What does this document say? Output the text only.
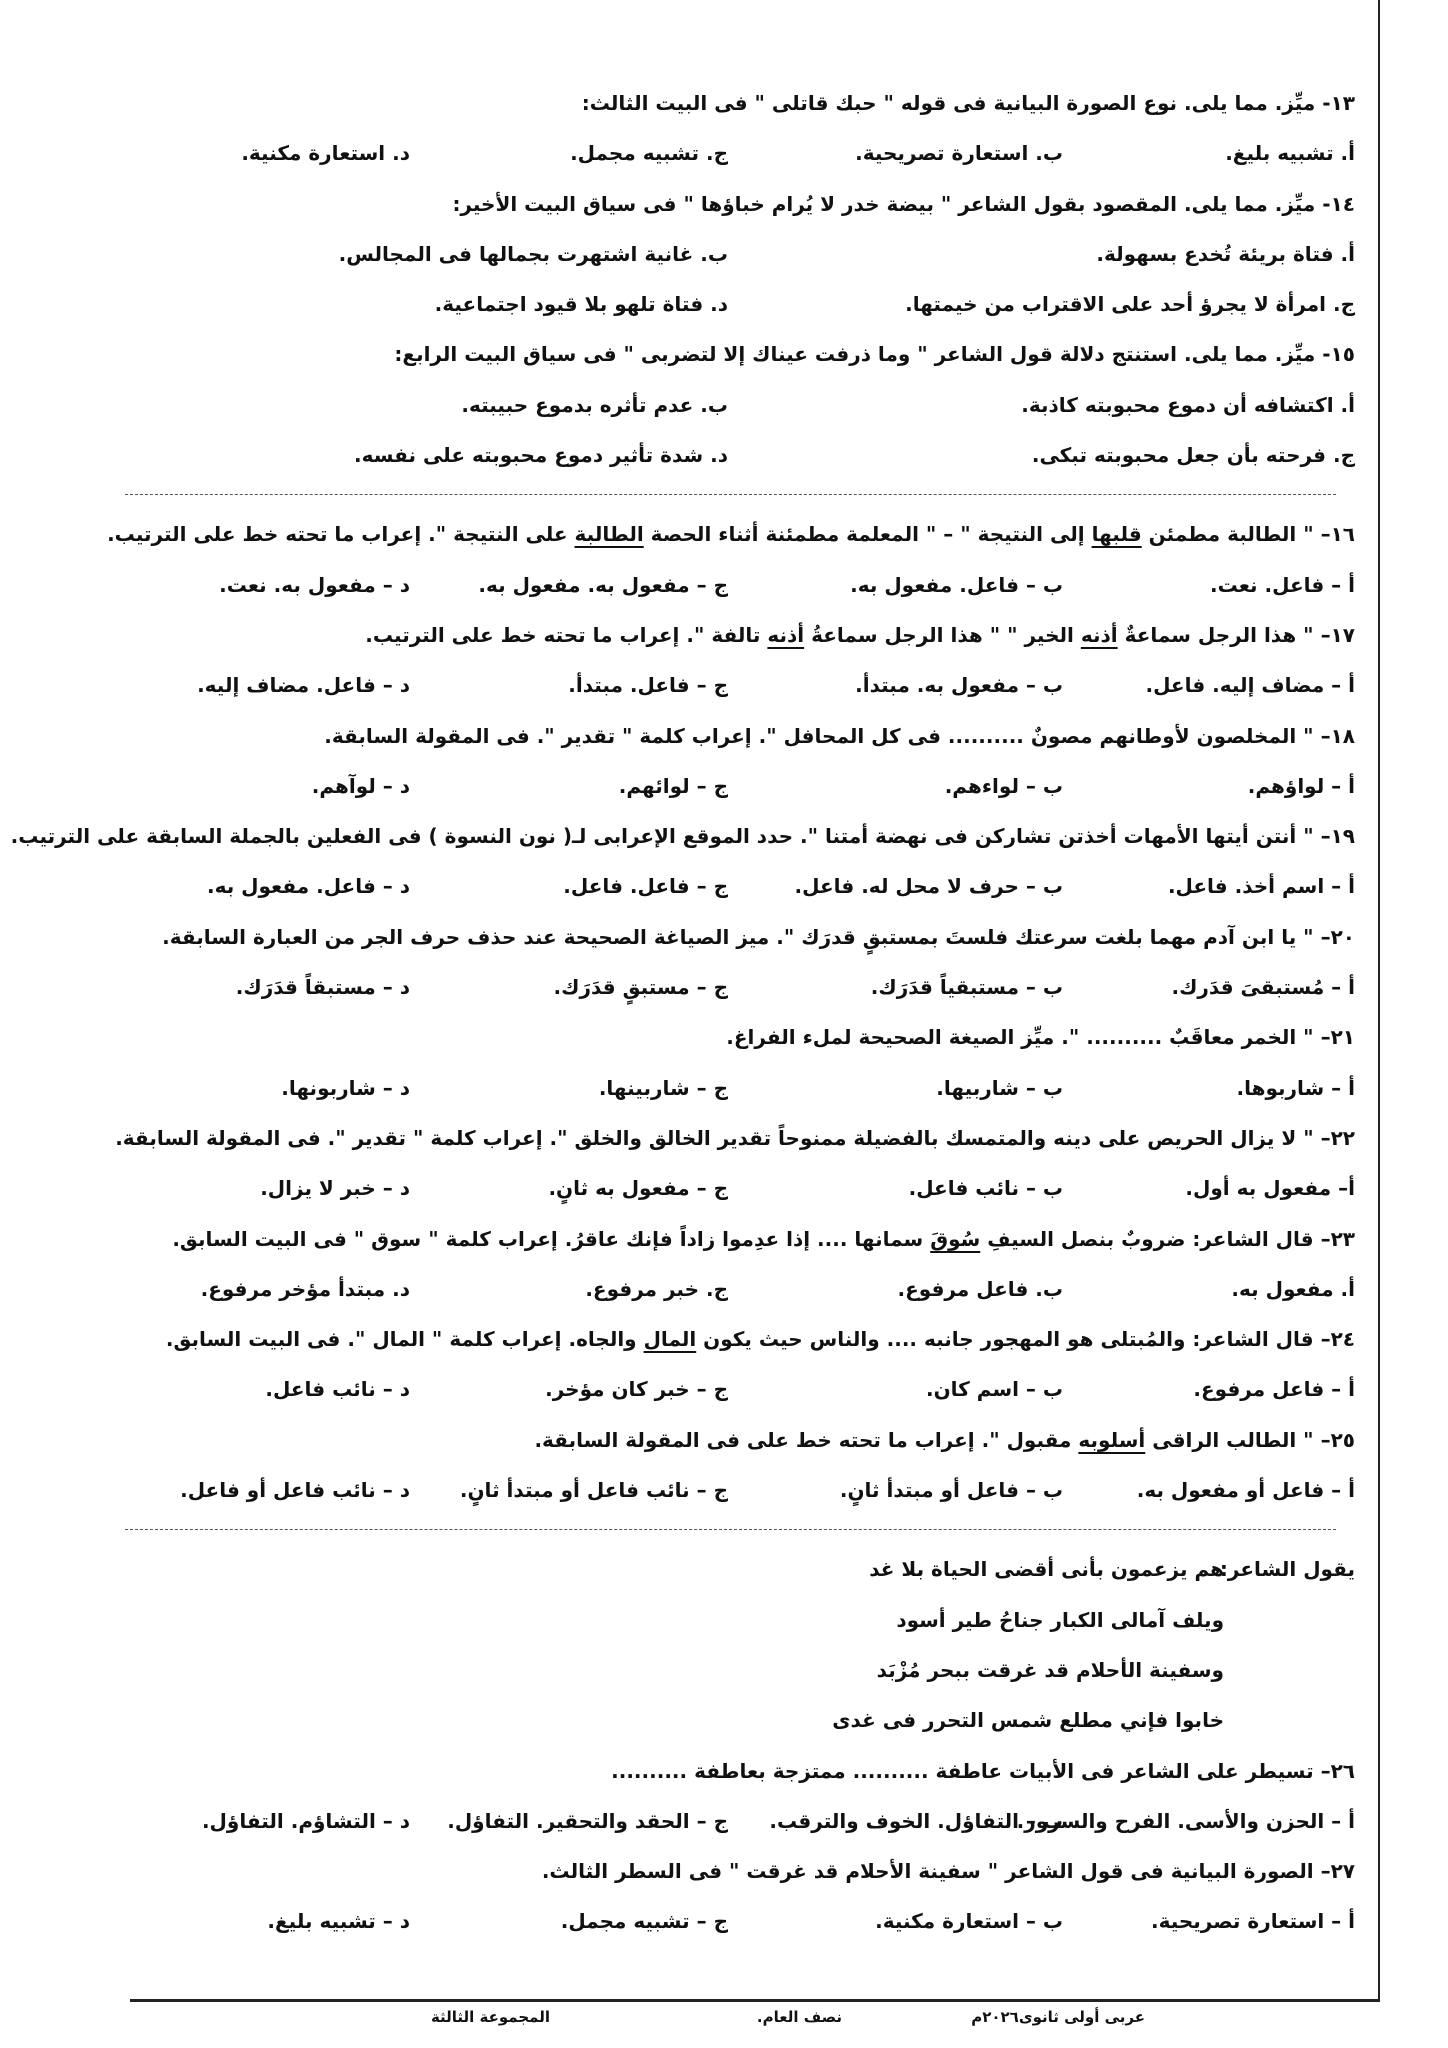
١٣- ميِّز. مما يلى. نوع الصورة البيانية فى قوله " حبك قاتلى " فى البيت الثالث:
أ. تشبيه بليغ.
ب. استعارة تصريحية.
ج. تشبيه مجمل.
د. استعارة مكنية.
١٤- ميِّز. مما يلى. المقصود بقول الشاعر " بيضة خدر لا يُرام خباؤها " فى سياق البيت الأخير:
أ. فتاة بريئة تُخدع بسهولة.
ب. غانية اشتهرت بجمالها فى المجالس.
ج. امرأة لا يجرؤ أحد على الاقتراب من خيمتها.
د. فتاة تلهو بلا قيود اجتماعية.
١٥- ميِّز. مما يلى. استنتج دلالة قول الشاعر " وما ذرفت عيناك إلا لتضربى " فى سياق البيت الرابع:
أ. اكتشافه أن دموع محبوبته كاذبة.
ب. عدم تأثره بدموع حبيبته.
ج. فرحته بأن جعل محبوبته تبكى.
د. شدة تأثير دموع محبوبته على نفسه.
١٦– " الطالبة مطمئن قلبها إلى النتيجة " – " المعلمة مطمئنة أثناء الحصة الطالبة على النتيجة ". إعراب ما تحته خط على الترتيب.
أ – فاعل. نعت.
ب – فاعل. مفعول به.
ج – مفعول به. مفعول به.
د – مفعول به. نعت.
١٧– " هذا الرجل سماعةٌ أذنه الخير " " هذا الرجل سماعةُ أذنه تالفة ". إعراب ما تحته خط على الترتيب.
أ – مضاف إليه. فاعل.
ب – مفعول به. مبتدأ.
ج – فاعل. مبتدأ.
د – فاعل. مضاف إليه.
١٨– " المخلصون لأوطانهم مصونٌ .......... فى كل المحافل ". إعراب كلمة " تقدير ". فى المقولة السابقة.
أ – لواؤهم.
ب – لواءهم.
ج – لوائهم.
د – لوآهم.
١٩– " أنتن أيتها الأمهات أخذتن تشاركن فى نهضة أمتنا ". حدد الموقع الإعرابى لـ( نون النسوة ) فى الفعلين بالجملة السابقة على الترتيب.
أ – اسم أخذ. فاعل.
ب – حرف لا محل له. فاعل.
ج – فاعل. فاعل.
د – فاعل. مفعول به.
٢٠– " يا ابن آدم مهما بلغت سرعتك فلستَ بمستبقٍ قدرَك ". ميز الصياغة الصحيحة عند حذف حرف الجر من العبارة السابقة.
أ – مُستبقىَ قدَرك.
ب – مستبقياً قدَرَك.
ج – مستبقٍ قدَرَك.
د – مستبقاً قدَرَك.
٢١– " الخمر معاقَبٌ .......... ". ميِّز الصيغة الصحيحة لملء الفراغ.
أ – شاربوها.
ب – شاربيها.
ج – شاربينها.
د – شاربونها.
٢٢– " لا يزال الحريص على دينه والمتمسك بالفضيلة ممنوحاً تقدير الخالق والخلق ". إعراب كلمة " تقدير ". فى المقولة السابقة.
أ– مفعول به أول.
ب – نائب فاعل.
ج – مفعول به ثانٍ.
د – خبر لا يزال.
٢٣– قال الشاعر: ضروبٌ بنصل السيفِ سُوقَ سمانها .... إذا عدِموا زاداً فإنك عاقرُ. إعراب كلمة " سوق " فى البيت السابق.
أ. مفعول به.
ب. فاعل مرفوع.
ج. خبر مرفوع.
د. مبتدأ مؤخر مرفوع.
٢٤– قال الشاعر: والمُبتلى هو المهجور جانبه .... والناس حيث يكون المال والجاه. إعراب كلمة " المال ". فى البيت السابق.
أ – فاعل مرفوع.
ب – اسم كان.
ج – خبر كان مؤخر.
د – نائب فاعل.
٢٥– " الطالب الراقى أسلوبه مقبول ". إعراب ما تحته خط على فى المقولة السابقة.
أ – فاعل أو مفعول به.
ب – فاعل أو مبتدأ ثانٍ.
ج – نائب فاعل أو مبتدأ ثانٍ.
د – نائب فاعل أو فاعل.
يقول الشاعر:
هم يزعمون بأنى أقضى الحياة بلا غد
ويلف آمالى الكبار جناحُ طير أسود
وسفينة الأحلام قد غرقت ببحر مُزْبَد
خابوا فإني مطلع شمس التحرر فى غدى
٢٦– تسيطر على الشاعر فى الأبيات عاطفة .......... ممتزجة بعاطفة ..........
أ – الحزن والأسى. الفرح والسرور.
ب – التفاؤل. الخوف والترقب.
ج – الحقد والتحقير. التفاؤل.
د – التشاؤم. التفاؤل.
٢٧– الصورة البيانية فى قول الشاعر " سفينة الأحلام قد غرقت " فى السطر الثالث.
أ – استعارة تصريحية.
ب – استعارة مكنية.
ج – تشبيه مجمل.
د – تشبيه بليغ.
عربى أولى ثانوى٢٠٢٦م
نصف العام.
المجموعة الثالثة
